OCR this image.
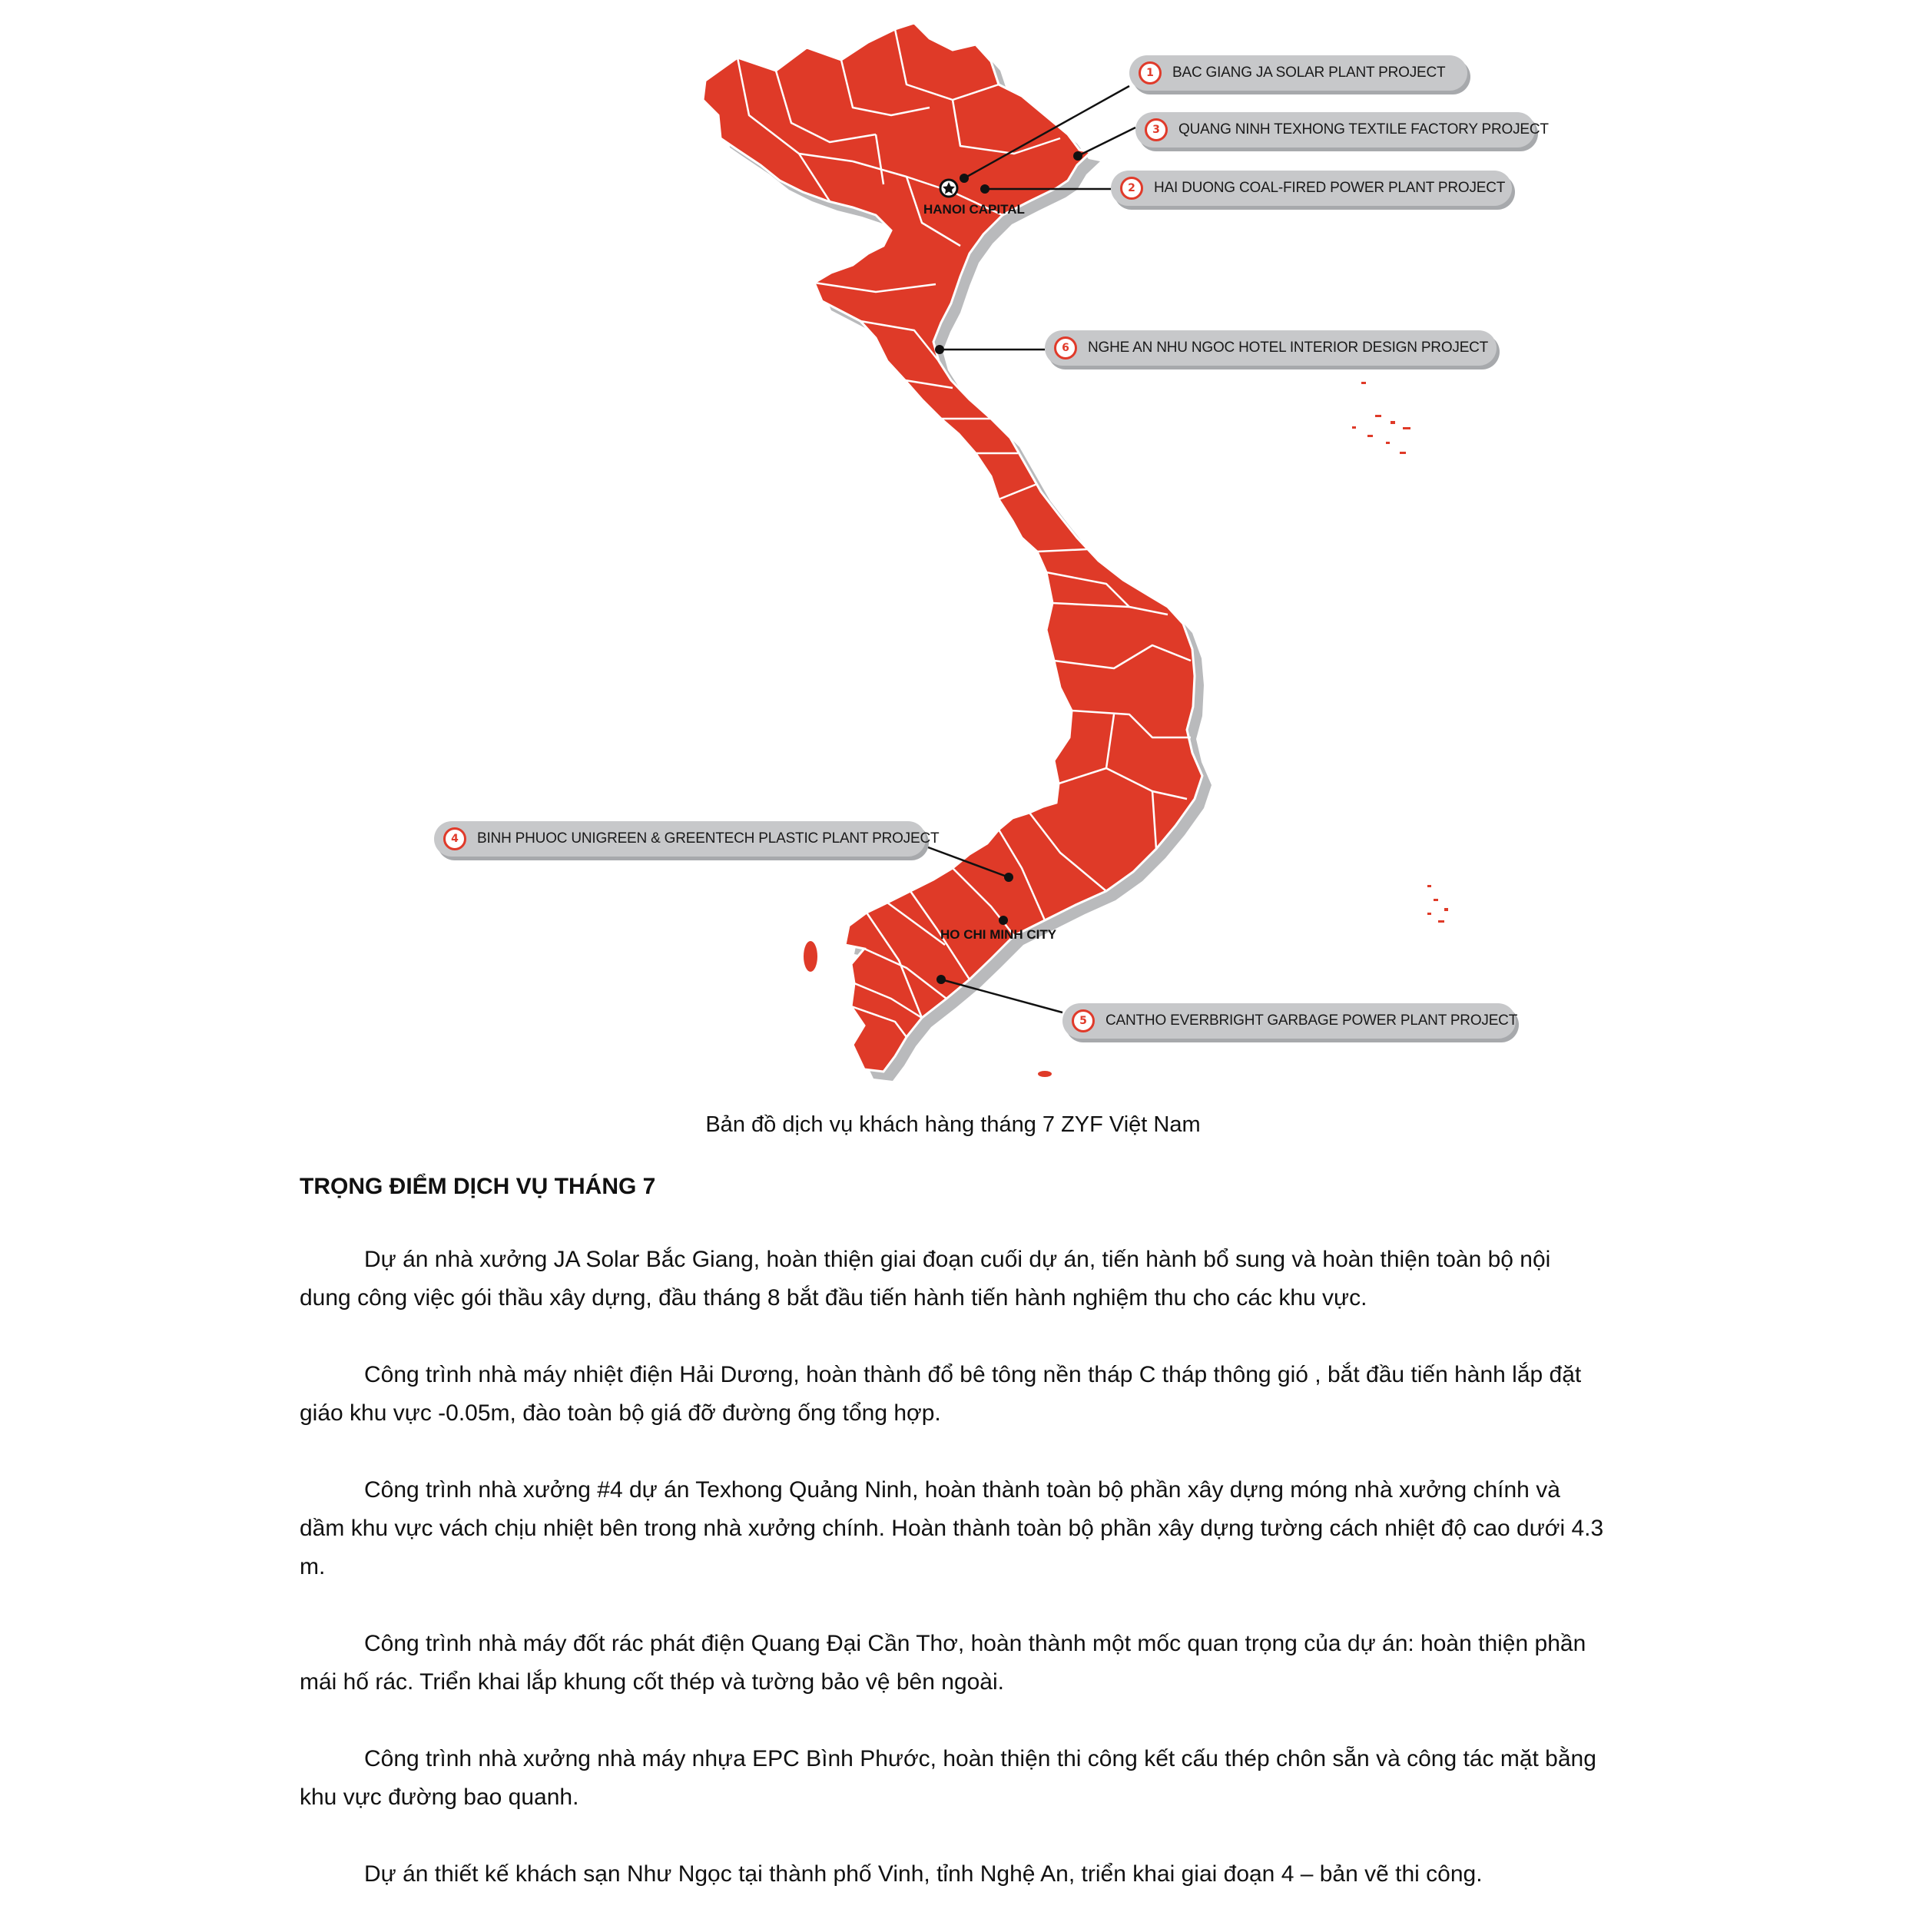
HANOI CAPITAL
HO CHI MINH CITY
1	BAC GIANG JA SOLAR PLANT PROJECT
3	QUANG NINH TEXHONG TEXTILE FACTORY PROJECT
2	HAI DUONG COAL-FIRED POWER PLANT PROJECT
6	NGHE AN NHU NGOC HOTEL INTERIOR DESIGN PROJECT
4	BINH PHUOC UNIGREEN & GREENTECH PLASTIC PLANT PROJECT
5	CANTHO EVERBRIGHT GARBAGE POWER PLANT PROJECT
Bản đồ dịch vụ khách hàng tháng 7 ZYF Việt Nam
TRỌNG ĐIỂM DỊCH VỤ THÁNG 7

Dự án nhà xưởng JA Solar Bắc Giang, hoàn thiện giai đoạn cuối dự án, tiến hành bổ sung và hoàn thiện toàn bộ nội dung công việc gói thầu xây dựng, đầu tháng 8 bắt đầu tiến hành tiến hành nghiệm thu cho các khu vực.

Công trình nhà máy nhiệt điện Hải Dương, hoàn thành đổ bê tông nền tháp C tháp thông gió , bắt đầu tiến hành lắp đặt giáo khu vực -0.05m, đào toàn bộ giá đỡ đường ống tổng hợp.

Công trình nhà xưởng #4 dự án Texhong Quảng Ninh, hoàn thành toàn bộ phần xây dựng móng nhà xưởng chính và dầm khu vực vách chịu nhiệt bên trong nhà xưởng chính. Hoàn thành toàn bộ phần xây dựng tường cách nhiệt độ cao dưới 4.3 m.

Công trình nhà máy đốt rác phát điện Quang Đại Cần Thơ, hoàn thành một mốc quan trọng của dự án: hoàn thiện phần mái hố rác. Triển khai lắp khung cốt thép và tường bảo vệ bên ngoài.

Công trình nhà xưởng nhà máy nhựa EPC Bình Phước, hoàn thiện thi công kết cấu thép chôn sẵn và công tác mặt bằng khu vực đường bao quanh.

Dự án thiết kế khách sạn Như Ngọc tại thành phố Vinh, tỉnh Nghệ An, triển khai giai đoạn 4 – bản vẽ thi công.
